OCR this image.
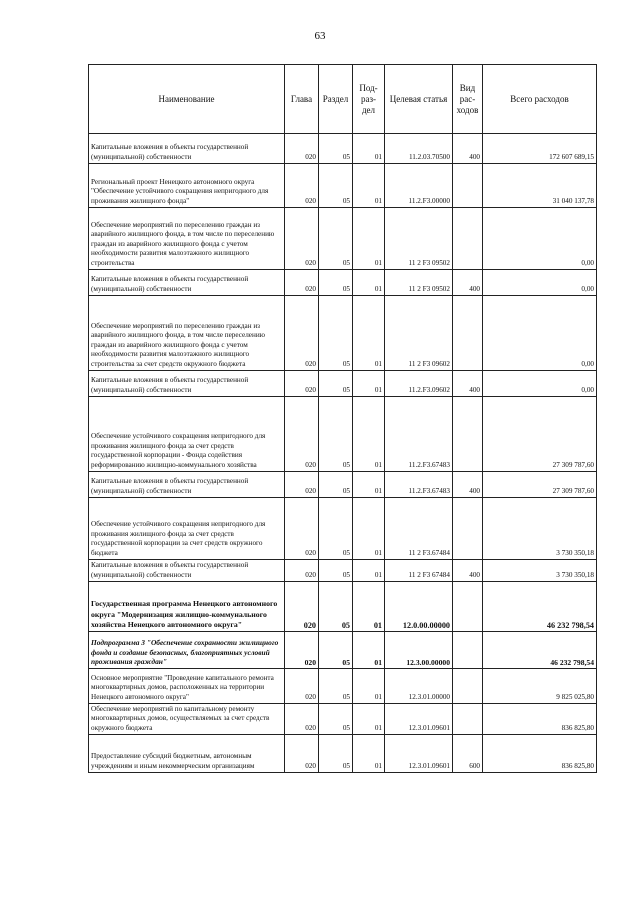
63
Наименование	Глава	Раздел	Под-раз-дел	Целевая статья	Вид рас-ходов	Всего расходов
Капитальные вложения в объекты государственной (муниципальной) собственности	020	05	01	11.2.03.70500	400	172 607 689,15
Региональный проект Ненецкого автономного округа "Обеспечение устойчивого сокращения непригодного для проживания жилищного фонда"	020	05	01	11.2.F3.00000		31 040 137,78
Обеспечение мероприятий по переселению граждан из аварийного жилищного фонда, в том числе по переселению граждан из аварийного жилищного фонда с учетом необходимости развития малоэтажного жилищного строительства	020	05	01	11 2 F3 09502		0,00
Капитальные вложения в объекты государственной (муниципальной) собственности	020	05	01	11 2 F3 09502	400	0,00
Обеспечение мероприятий по переселению граждан из аварийного жилищного фонда, в том числе переселению граждан из аварийного жилищного фонда с учетом необходимости развития малоэтажного жилищного строительства за счет средств окружного бюджета	020	05	01	11 2 F3 09602		0,00
Капитальные вложения в объекты государственной (муниципальной) собственности	020	05	01	11.2.F3.09602	400	0,00
Обеспечение устойчивого сокращения непригодного для проживания жилищного фонда за счет средств государственной корпорации - Фонда содействия реформированию жилищно-коммунального хозяйства	020	05	01	11.2.F3.67483		27 309 787,60
Капитальные вложения в объекты государственной (муниципальной) собственности	020	05	01	11.2.F3.67483	400	27 309 787,60
Обеспечение устойчивого сокращения непригодного для проживания жилищного фонда за счет средств государственной корпорации за счет средств окружного бюджета	020	05	01	11 2 F3.67484		3 730 350,18
Капитальные вложения в объекты государственной (муниципальной) собственности	020	05	01	11 2 F3 67484	400	3 730 350,18
Государственная программа Ненецкого автономного округа "Модернизация жилищно-коммунального хозяйства Ненецкого автономного округа"	020	05	01	12.0.00.00000		46 232 798,54
Подпрограмма 3 "Обеспечение сохранности жилищного фонда и создание безопасных, благоприятных условий проживания граждан"	020	05	01	12.3.00.00000		46 232 798,54
Основное мероприятие "Проведение капитального ремонта многоквартирных домов, расположенных на территории Ненецкого автономного округа"	020	05	01	12.3.01.00000		9 825 025,80
Обеспечение мероприятий по капитальному ремонту многоквартирных домов, осуществляемых за счет средств окружного бюджета	020	05	01	12.3.01.09601		836 825,80
Предоставление субсидий бюджетным, автономным учреждениям и иным некоммерческим организациям	020	05	01	12.3.01.09601	600	836 825,80
